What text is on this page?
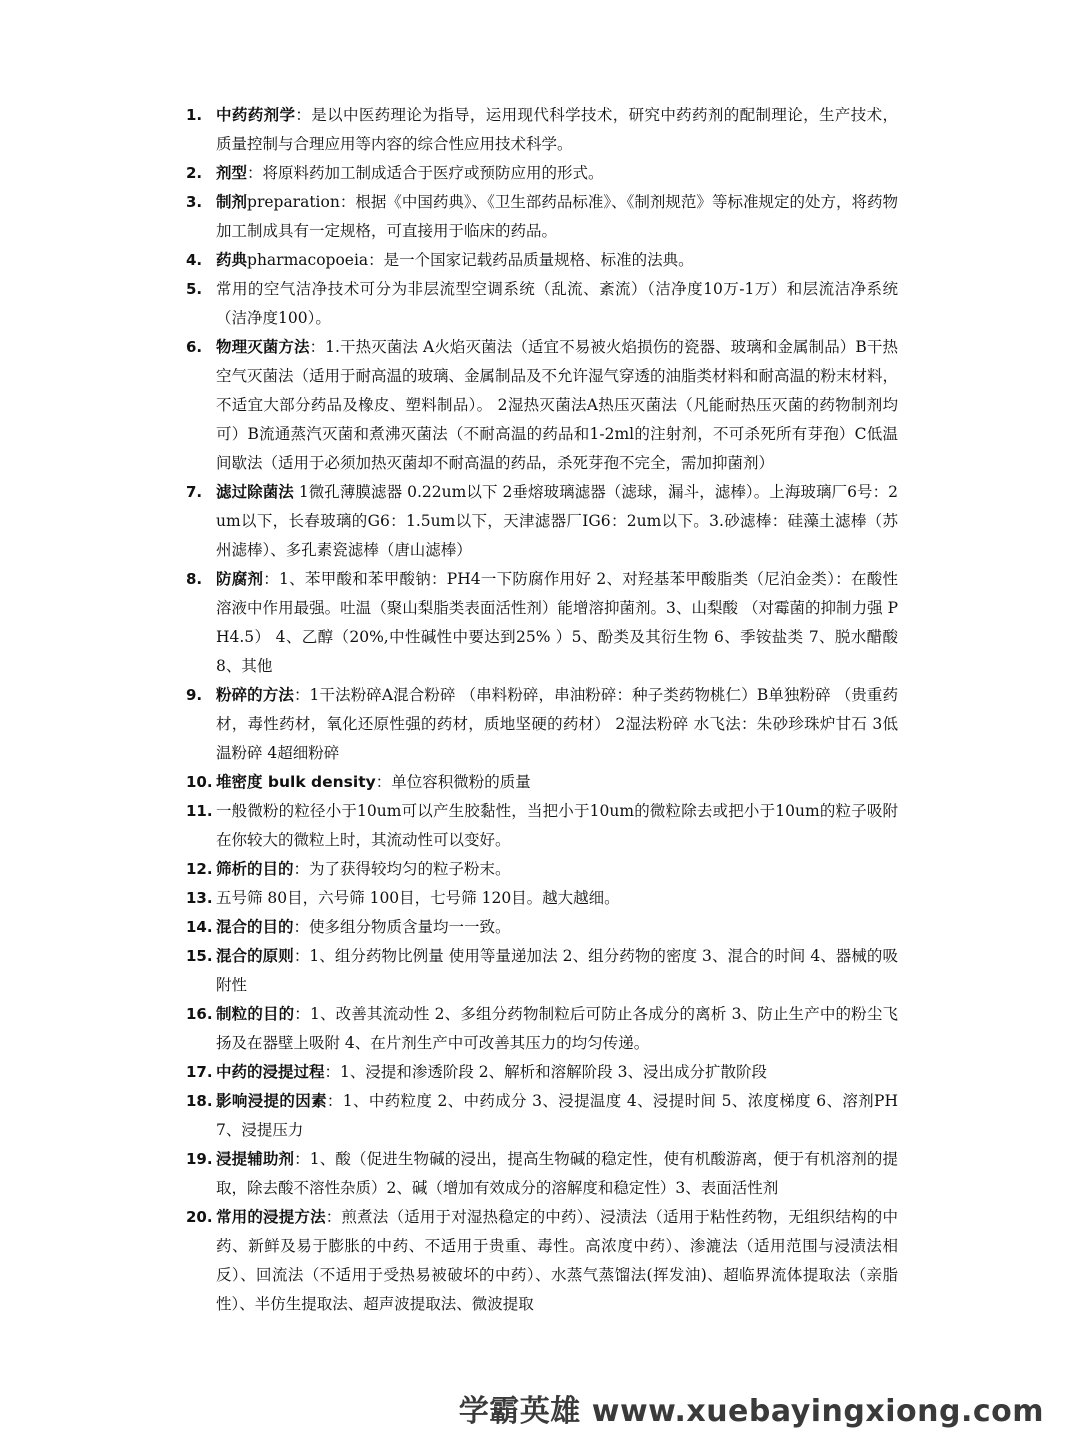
1. 中药药剂学：是以中医药理论为指导，运用现代科学技术，研究中药药剂的配制理论，生产技术，质量控制与合理应用等内容的综合性应用技术科学。
2. 剂型：将原料药加工制成适合于医疗或预防应用的形式。
3. 制剂preparation：根据《中国药典》、《卫生部药品标准》、《制剂规范》等标准规定的处方，将药物加工制成具有一定规格，可直接用于临床的药品。
4. 药典pharmacopoeia：是一个国家记载药品质量规格、标准的法典。
5. 常用的空气洁净技术可分为非层流型空调系统（乱流、紊流）（洁净度10万-1万）和层流洁净系统（洁净度100）。
6. 物理灭菌方法：1.干热灭菌法 A火焰灭菌法（适宜不易被火焰损伤的瓷器、玻璃和金属制品）B干热空气灭菌法（适用于耐高温的玻璃、金属制品及不允许湿气穿透的油脂类材料和耐高温的粉末材料，不适宜大部分药品及橡皮、塑料制品）。 2湿热灭菌法A热压灭菌法（凡能耐热压灭菌的药物制剂均可）B流通蒸汽灭菌和煮沸灭菌法（不耐高温的药品和1-2ml的注射剂，不可杀死所有芽孢）C低温间歇法（适用于必须加热灭菌却不耐高温的药品，杀死芽孢不完全，需加抑菌剂）
7. 滤过除菌法 1微孔薄膜滤器 0.22um以下 2垂熔玻璃滤器（滤球，漏斗，滤棒）。上海玻璃厂6号：2um以下，长春玻璃的G6：1.5um以下，天津滤器厂IG6：2um以下。3.砂滤棒：硅藻土滤棒（苏州滤棒）、多孔素瓷滤棒（唐山滤棒）
8. 防腐剂：1、苯甲酸和苯甲酸钠：PH4一下防腐作用好 2、对羟基苯甲酸脂类（尼泊金类）：在酸性溶液中作用最强。吐温（聚山梨脂类表面活性剂）能增溶抑菌剂。3、山梨酸 （对霉菌的抑制力强 PH4.5） 4、乙醇（20%,中性碱性中要达到25% ）5、酚类及其衍生物 6、季铵盐类 7、脱水醋酸 8、其他
9. 粉碎的方法：1干法粉碎A混合粉碎 （串料粉碎，串油粉碎：种子类药物桃仁）B单独粉碎 （贵重药材，毒性药材，氧化还原性强的药材，质地坚硬的药材） 2湿法粉碎 水飞法：朱砂珍珠炉甘石 3低温粉碎 4超细粉碎
10. 堆密度 bulk density：单位容积微粉的质量
11. 一般微粉的粒径小于10um可以产生胶黏性，当把小于10um的微粒除去或把小于10um的粒子吸附在你较大的微粒上时，其流动性可以变好。
12. 筛析的目的：为了获得较均匀的粒子粉末。
13. 五号筛 80目，六号筛 100目，七号筛 120目。越大越细。
14. 混合的目的：使多组分物质含量均一一致。
15. 混合的原则：1、组分药物比例量 使用等量递加法 2、组分药物的密度 3、混合的时间 4、器械的吸附性
16. 制粒的目的：1、改善其流动性 2、多组分药物制粒后可防止各成分的离析 3、防止生产中的粉尘飞扬及在器壁上吸附 4、在片剂生产中可改善其压力的均匀传递。
17. 中药的浸提过程：1、浸提和渗透阶段 2、解析和溶解阶段 3、浸出成分扩散阶段
18. 影响浸提的因素：1、中药粒度 2、中药成分 3、浸提温度 4、浸提时间 5、浓度梯度 6、溶剂PH 7、浸提压力
19. 浸提辅助剂：1、酸（促进生物碱的浸出，提高生物碱的稳定性，使有机酸游离，便于有机溶剂的提取，除去酸不溶性杂质）2、碱（增加有效成分的溶解度和稳定性）3、表面活性剂
20. 常用的浸提方法：煎煮法（适用于对湿热稳定的中药）、浸渍法（适用于粘性药物，无组织结构的中药、新鲜及易于膨胀的中药、不适用于贵重、毒性。高浓度中药）、渗漉法（适用范围与浸渍法相反）、回流法（不适用于受热易被破坏的中药）、水蒸气蒸馏法(挥发油)、超临界流体提取法（亲脂性）、半仿生提取法、超声波提取法、微波提取
学霸英雄 www.xuebayingxiong.com
